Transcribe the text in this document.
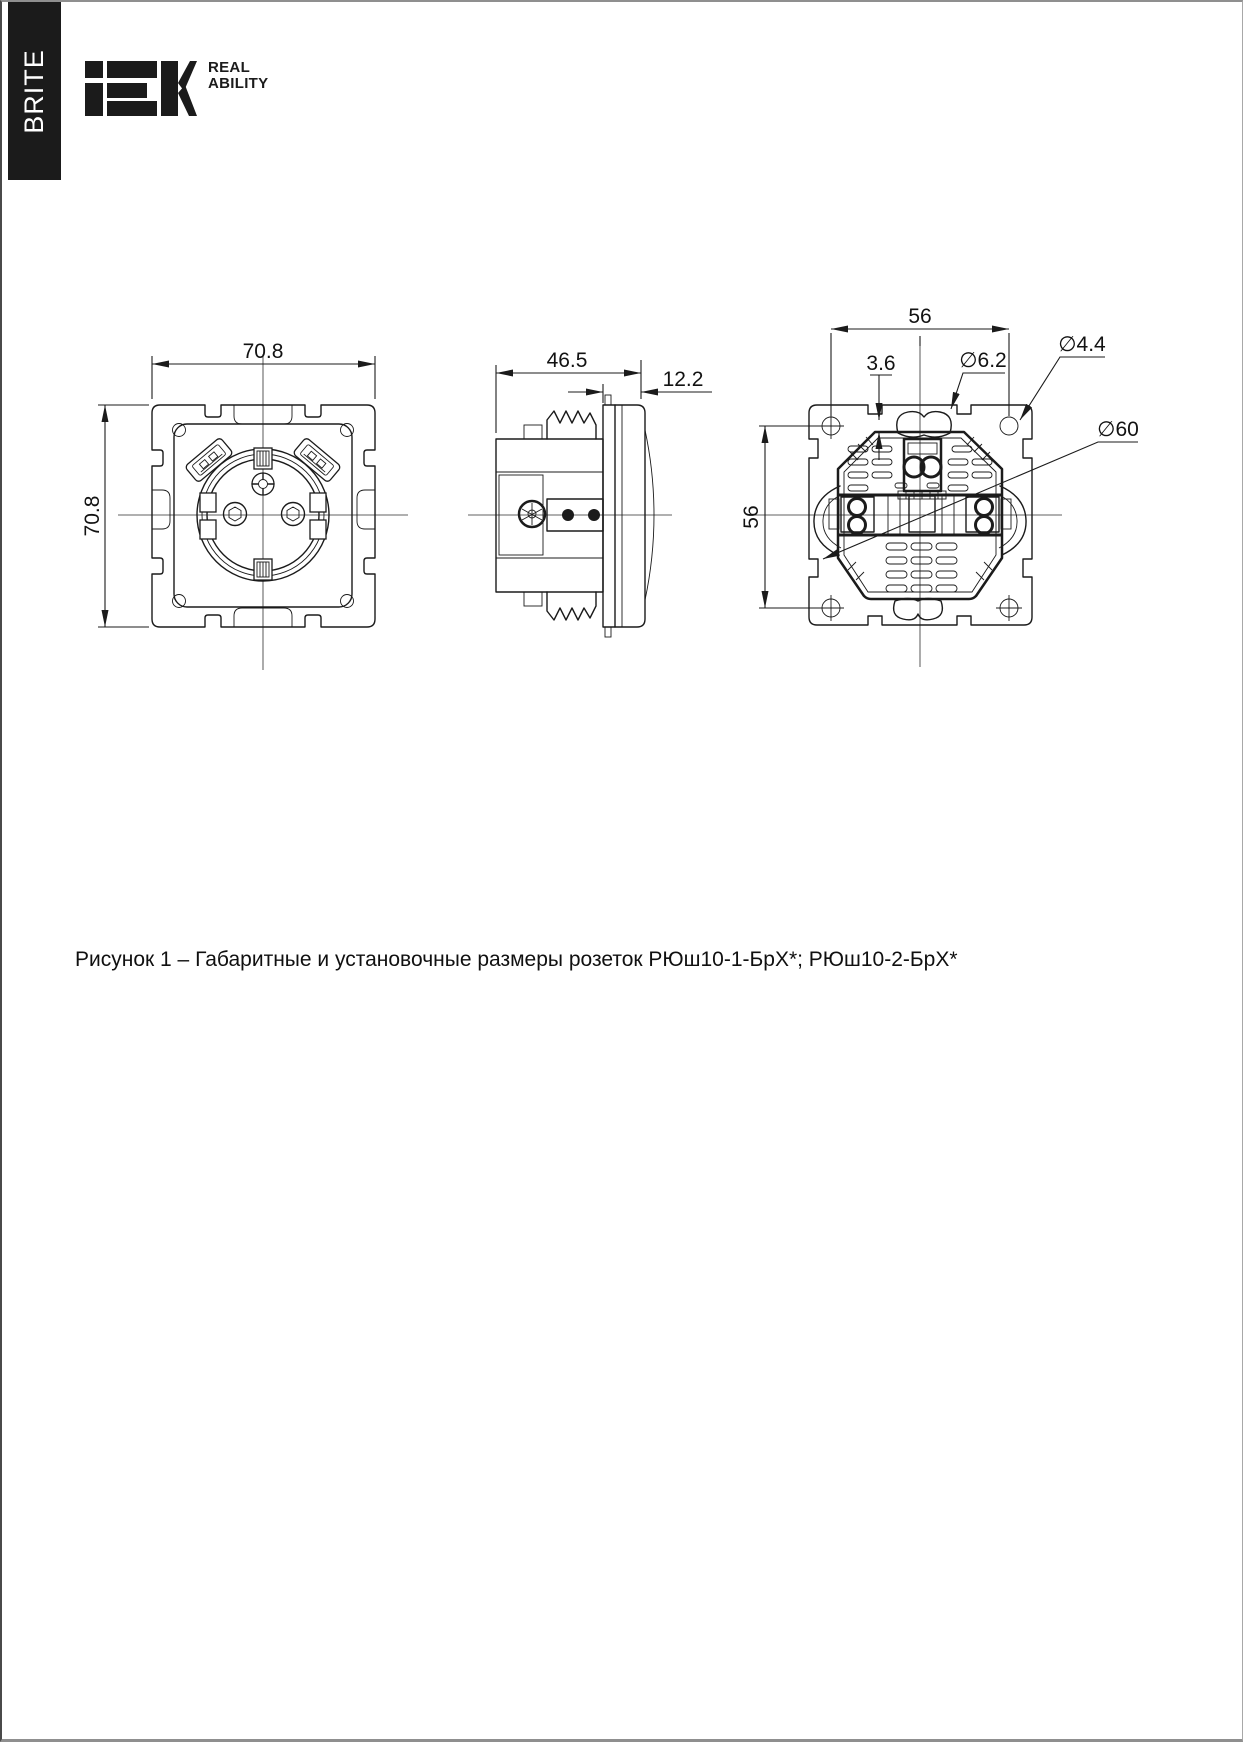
BRITE	REAL
ABILITY
70.8
70.8
46.5
12.2
56
56
3.6	∅6.2
∅4.4
∅60
Рисунок 1 – Габаритные и установочные размеры розеток РЮш10-1-БрХ*; РЮш10-2-БрХ*
